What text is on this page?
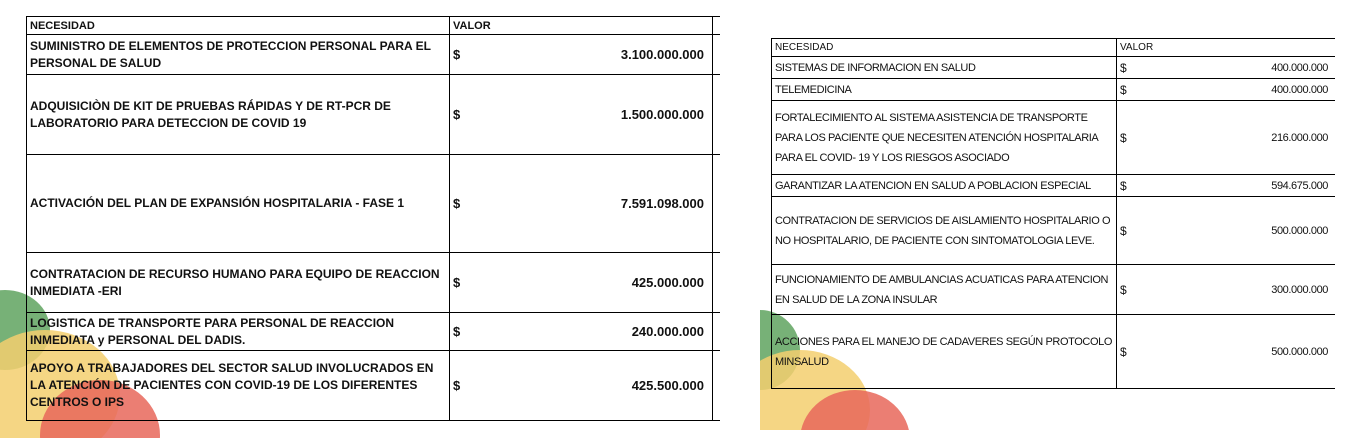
NECESIDAD	VALOR		
SUMINISTRO DE ELEMENTOS DE PROTECCION PERSONAL PARA EL PERSONAL DE SALUD	$	3.100.000.000	
ADQUISICIÒN DE KIT DE PRUEBAS RÁPIDAS Y DE RT-PCR DE LABORATORIO PARA DETECCION DE COVID 19	$	1.500.000.000	
ACTIVACIÓN DEL PLAN DE EXPANSIÓN HOSPITALARIA - FASE 1	$	7.591.098.000	
CONTRATACION DE RECURSO HUMANO PARA EQUIPO DE REACCION INMEDIATA -ERI	$	425.000.000	
LOGISTICA DE TRANSPORTE PARA PERSONAL DE REACCION INMEDIATA y PERSONAL DEL DADIS.	$	240.000.000	
APOYO A TRABAJADORES DEL SECTOR SALUD INVOLUCRADOS EN LA ATENCIÓN DE PACIENTES CON COVID-19 DE LOS DIFERENTES CENTROS O IPS	$	425.500.000	
NECESIDAD	VALOR	
SISTEMAS DE INFORMACION EN SALUD	$	400.000.000
TELEMEDICINA	$	400.000.000
FORTALECIMIENTO AL SISTEMA ASISTENCIA DE TRANSPORTE PARA LOS PACIENTE QUE NECESITEN ATENCIÓN HOSPITALARIA PARA EL COVID- 19 Y LOS RIESGOS ASOCIADO	$	216.000.000
GARANTIZAR LA ATENCION EN SALUD A POBLACION ESPECIAL	$	594.675.000
CONTRATACION DE SERVICIOS DE AISLAMIENTO HOSPITALARIO O NO HOSPITALARIO, DE PACIENTE CON SINTOMATOLOGIA LEVE.	$	500.000.000
FUNCIONAMIENTO DE AMBULANCIAS ACUATICAS PARA ATENCION EN SALUD DE LA ZONA INSULAR	$	300.000.000
ACCIONES PARA EL MANEJO DE CADAVERES SEGÚN PROTOCOLO MINSALUD	$	500.000.000
